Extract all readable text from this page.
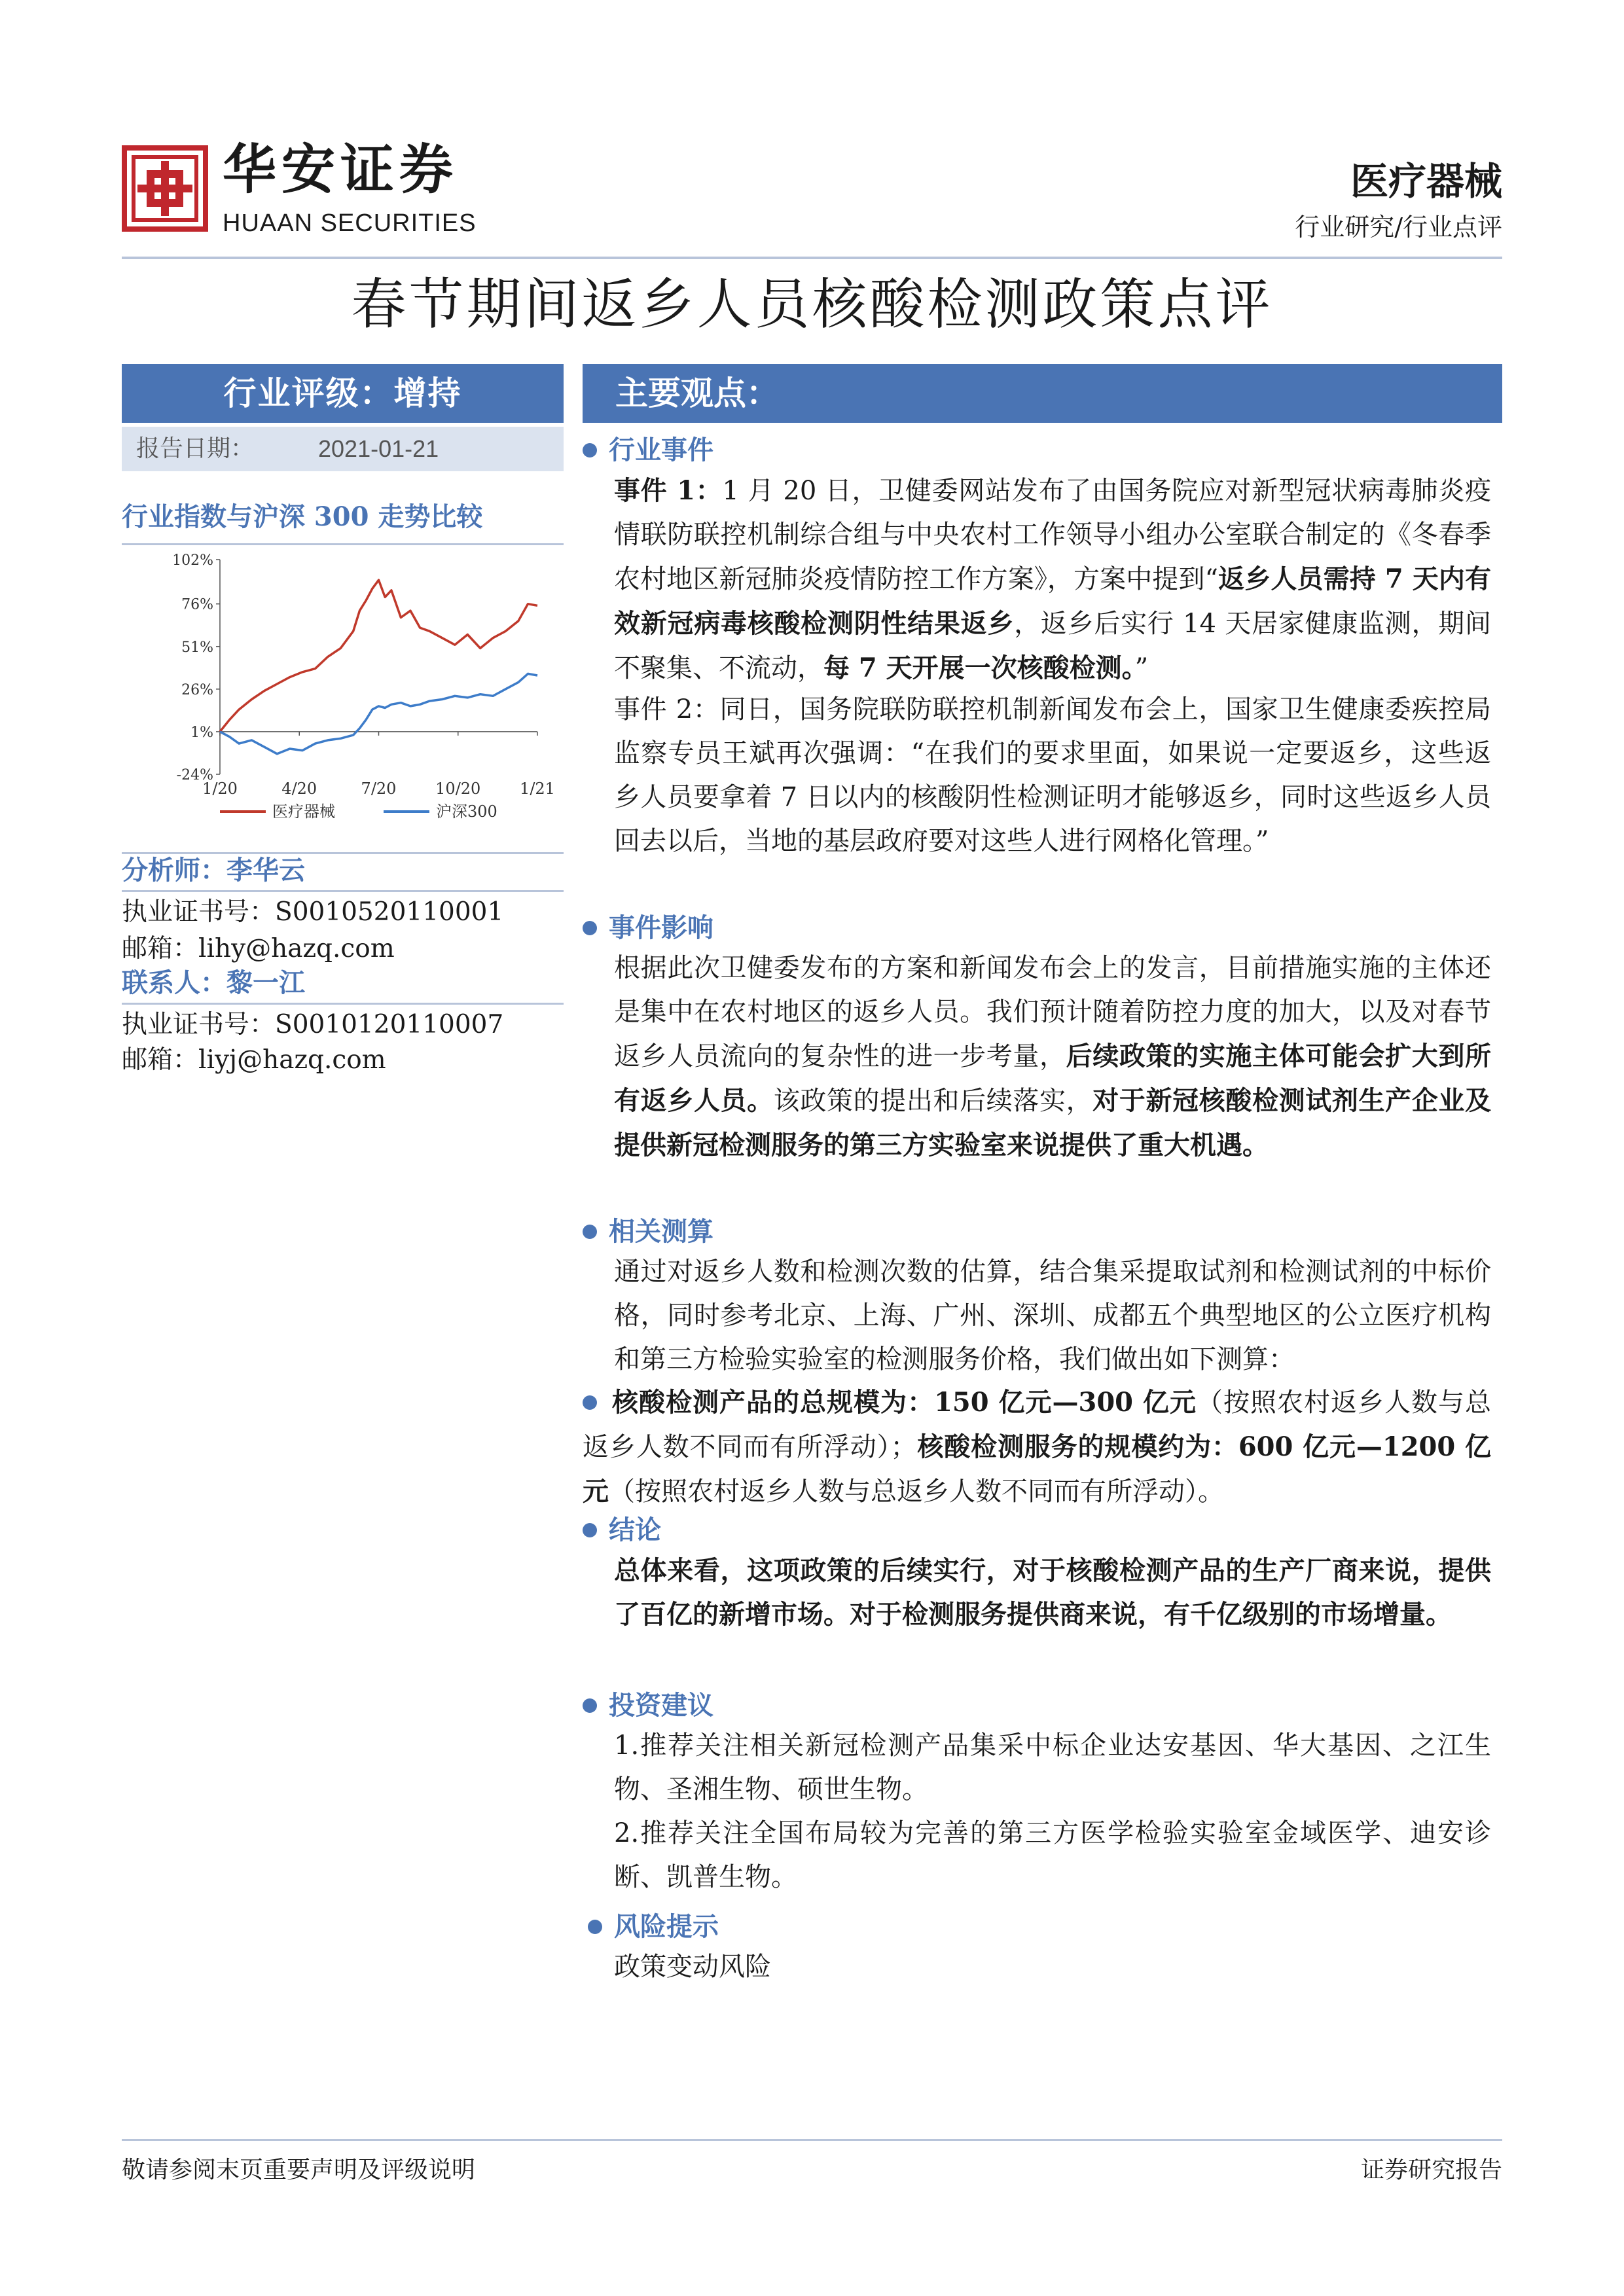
华安证券
HUAAN SECURITIES
医疗器械
行业研究/行业点评
春节期间返乡人员核酸检测政策点评
行业评级：增持
报告日期：	2021-01-21
行业指数与沪深 300 走势比较
102%
76%
51%
26%
1%
-24%
1/20	4/20	7/20 10/20 1/21
医疗器械	沪深300
分析师：李华云
执业证书号：S0010520110001
邮箱：lihy@hazq.com
联系人：黎一江
执业证书号：S0010120110007
邮箱：liyj@hazq.com
主要观点：
行业事件
事件 1：1 月 20 日，卫健委网站发布了由国务院应对新型冠状病毒肺炎疫情联防联控机制综合组与中央农村工作领导小组办公室联合制定的《冬春季农村地区新冠肺炎疫情防控工作方案》，方案中提到“返乡人员需持 7 天内有效新冠病毒核酸检测阴性结果返乡，返乡后实行 14 天居家健康监测，期间不聚集、不流动，每 7 天开展一次核酸检测。”
事件 2：同日，国务院联防联控机制新闻发布会上，国家卫生健康委疾控局监察专员王斌再次强调：“在我们的要求里面，如果说一定要返乡，这些返乡人员要拿着 7 日以内的核酸阴性检测证明才能够返乡，同时这些返乡人员回去以后，当地的基层政府要对这些人进行网格化管理。”
事件影响
根据此次卫健委发布的方案和新闻发布会上的发言，目前措施实施的主体还是集中在农村地区的返乡人员。我们预计随着防控力度的加大，以及对春节返乡人员流向的复杂性的进一步考量，后续政策的实施主体可能会扩大到所有返乡人员。该政策的提出和后续落实，对于新冠核酸检测试剂生产企业及提供新冠检测服务的第三方实验室来说提供了重大机遇。
相关测算
通过对返乡人数和检测次数的估算，结合集采提取试剂和检测试剂的中标价格，同时参考北京、上海、广州、深圳、成都五个典型地区的公立医疗机构和第三方检验实验室的检测服务价格，我们做出如下测算：
核酸检测产品的总规模为：150 亿元—300 亿元（按照农村返乡人数与总返乡人数不同而有所浮动）；核酸检测服务的规模约为：600 亿元—1200 亿元（按照农村返乡人数与总返乡人数不同而有所浮动）。
结论
总体来看，这项政策的后续实行，对于核酸检测产品的生产厂商来说，提供了百亿的新增市场。对于检测服务提供商来说，有千亿级别的市场增量。
投资建议
1.推荐关注相关新冠检测产品集采中标企业达安基因、华大基因、之江生物、圣湘生物、硕世生物。
2.推荐关注全国布局较为完善的第三方医学检验实验室金域医学、迪安诊断、凯普生物。
风险提示
政策变动风险
敬请参阅末页重要声明及评级说明	证券研究报告
